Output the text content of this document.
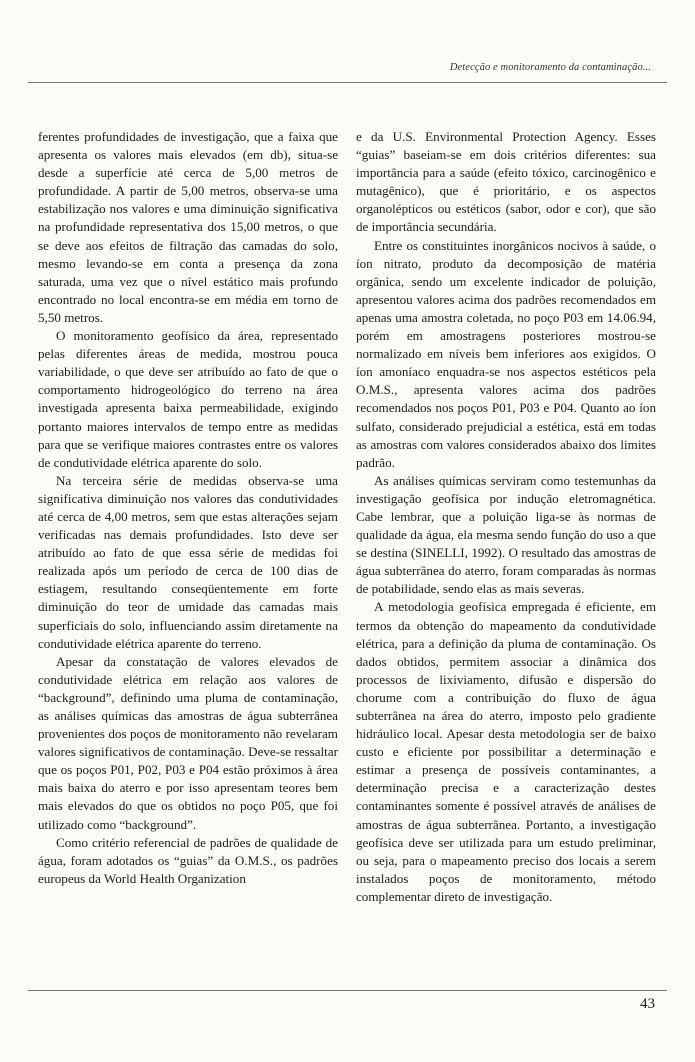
Detecção e monitoramento da contaminação...

ferentes profundidades de investigação, que a faixa que apresenta os valores mais elevados (em db), situa-se desde a superfície até cerca de 5,00 metros de profundidade. A partir de 5,00 metros, observa-se uma estabilização nos valores e uma diminuição significativa na profundidade representativa dos 15,00 metros, o que se deve aos efeitos de filtração das camadas do solo, mesmo levando-se em conta a presença da zona saturada, uma vez que o nível estático mais profundo encontrado no local encontra-se em média em torno de 5,50 metros.

O monitoramento geofísico da área, representado pelas diferentes áreas de medida, mostrou pouca variabilidade, o que deve ser atribuído ao fato de que o comportamento hidrogeológico do terreno na área investigada apresenta baixa permeabilidade, exigindo portanto maiores intervalos de tempo entre as medidas para que se verifique maiores contrastes entre os valores de condutividade elétrica aparente do solo.

Na terceira série de medidas observa-se uma significativa diminuição nos valores das condutividades até cerca de 4,00 metros, sem que estas alterações sejam verificadas nas demais profundidades. Isto deve ser atribuído ao fato de que essa série de medidas foi realizada após um período de cerca de 100 dias de estiagem, resultando conseqüentemente em forte diminuição do teor de umidade das camadas mais superficiais do solo, influenciando assim diretamente na condutividade elétrica aparente do terreno.

Apesar da constatação de valores elevados de condutividade elétrica em relação aos valores de “background”, definindo uma pluma de contaminação, as análises químicas das amostras de água subterrânea provenientes dos poços de monitoramento não revelaram valores significativos de contaminação. Deve-se ressaltar que os poços P01, P02, P03 e P04 estão próximos à área mais baixa do aterro e por isso apresentam teores bem mais elevados do que os obtidos no poço P05, que foi utilizado como “background”.

Como critério referencial de padrões de qualidade de água, foram adotados os “guias” da O.M.S., os padrões europeus da World Health Organization

e da U.S. Environmental Protection Agency. Esses “guias” baseiam-se em dois critérios diferentes: sua importância para a saúde (efeito tóxico, carcinogênico e mutagênico), que é prioritário, e os aspectos organolépticos ou estéticos (sabor, odor e cor), que são de importância secundária.

Entre os constituintes inorgânicos nocivos à saúde, o íon nitrato, produto da decomposição de matéria orgânica, sendo um excelente indicador de poluição, apresentou valores acima dos padrões recomendados em apenas uma amostra coletada, no poço P03 em 14.06.94, porém em amostragens posteriores mostrou-se normalizado em níveis bem inferiores aos exigidos. O íon amoníaco enquadra-se nos aspectos estéticos pela O.M.S., apresenta valores acima dos padrões recomendados nos poços P01, P03 e P04. Quanto ao íon sulfato, considerado prejudicial a estética, está em todas as amostras com valores considerados abaixo dos limites padrão.

As análises químicas serviram como testemunhas da investigação geofísica por indução eletromagnética. Cabe lembrar, que a poluição liga-se às normas de qualidade da água, ela mesma sendo função do uso a que se destina (SINELLI, 1992). O resultado das amostras de água subterrânea do aterro, foram comparadas às normas de potabilidade, sendo elas as mais severas.

A metodologia geofísica empregada é eficiente, em termos da obtenção do mapeamento da condutividade elétrica, para a definição da pluma de contaminação. Os dados obtidos, permitem associar a dinâmica dos processos de lixiviamento, difusão e dispersão do chorume com a contribuição do fluxo de água subterrânea na área do aterro, imposto pelo gradiente hidráulico local. Apesar desta metodologia ser de baixo custo e eficiente por possibilitar a determinação e estimar a presença de possíveis contaminantes, a determinação precisa e a caracterização destes contaminantes somente é possível através de análises de amostras de água subterrânea. Portanto, a investigação geofísica deve ser utilizada para um estudo preliminar, ou seja, para o mapeamento preciso dos locais a serem instalados poços de monitoramento, método complementar direto de investigação.

43
